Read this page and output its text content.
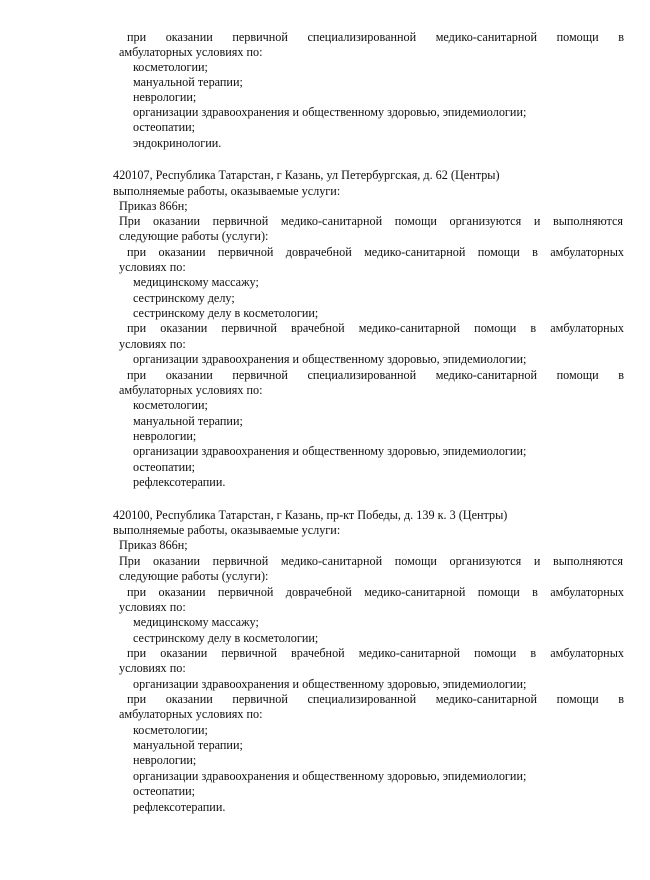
при оказании первичной специализированной медико-санитарной помощи в
амбулаторных условиях по:
косметологии;
мануальной терапии;
неврологии;
организации здравоохранения и общественному здоровью, эпидемиологии;
остеопатии;
эндокринологии.
420107, Республика Татарстан, г Казань, ул Петербургская, д. 62 (Центры)
выполняемые работы, оказываемые услуги:
Приказ 866н;
При оказании первичной медико-санитарной помощи организуются и выполняются
следующие работы (услуги):
при оказании первичной доврачебной медико-санитарной помощи в амбулаторных
условиях по:
медицинскому массажу;
сестринскому делу;
сестринскому делу в косметологии;
при оказании первичной врачебной медико-санитарной помощи в амбулаторных
условиях по:
организации здравоохранения и общественному здоровью, эпидемиологии;
при оказании первичной специализированной медико-санитарной помощи в
амбулаторных условиях по:
косметологии;
мануальной терапии;
неврологии;
организации здравоохранения и общественному здоровью, эпидемиологии;
остеопатии;
рефлексотерапии.
420100, Республика Татарстан, г Казань, пр-кт Победы, д. 139 к. 3 (Центры)
выполняемые работы, оказываемые услуги:
Приказ 866н;
При оказании первичной медико-санитарной помощи организуются и выполняются
следующие работы (услуги):
при оказании первичной доврачебной медико-санитарной помощи в амбулаторных
условиях по:
медицинскому массажу;
сестринскому делу в косметологии;
при оказании первичной врачебной медико-санитарной помощи в амбулаторных
условиях по:
организации здравоохранения и общественному здоровью, эпидемиологии;
при оказании первичной специализированной медико-санитарной помощи в
амбулаторных условиях по:
косметологии;
мануальной терапии;
неврологии;
организации здравоохранения и общественному здоровью, эпидемиологии;
остеопатии;
рефлексотерапии.
